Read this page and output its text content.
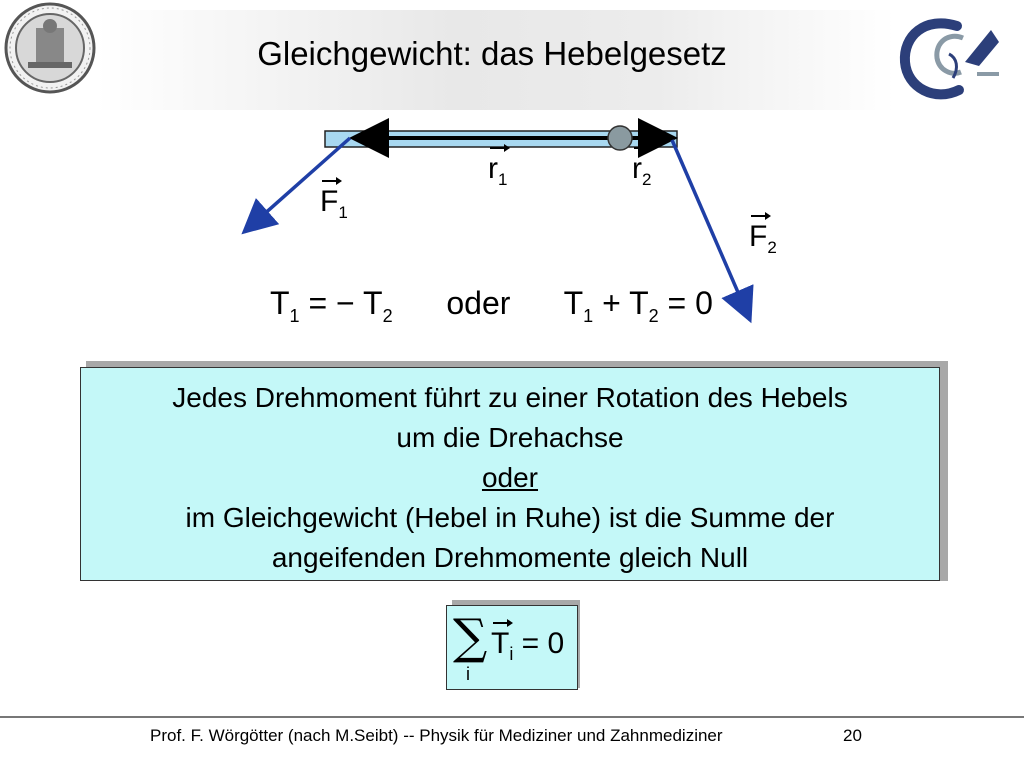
Gleichgewicht: das Hebelgesetz
$r_1$	$r_2$
$F_1$
$F_2$
$T_1$ = − $T_2$ oder $T_1 + T_2 = 0$
Jedes Drehmoment führt zu einer Rotation des Hebels
um die Drehachse
oder
im Gleichgewicht (Hebel in Ruhe) ist die Summe der
angeifenden Drehmomente gleich Null
∑
i
$T_i = 0$
Prof. F. Wörgötter (nach M.Seibt) -- Physik für Mediziner und Zahnmediziner	20
